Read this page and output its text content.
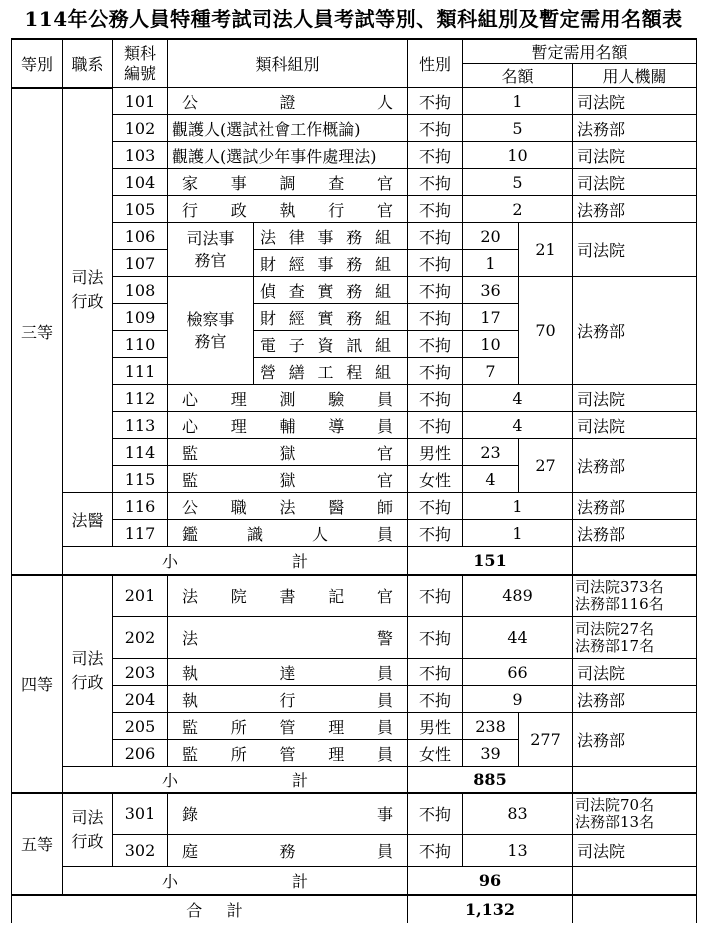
114年公務人員特種考試司法人員考試等別、類科組別及暫定需用名額表
等別	職系	類科編號	類科組別		性別	暫定需用名額		
						名額		用人機關
三等	司法行政	101	公證人		不拘	1		司法院
		102	觀護人(選試社會工作概論)		不拘	5		法務部
		103	觀護人(選試少年事件處理法)		不拘	10		司法院
		104	家事調查官		不拘	5		司法院
		105	行政執行官		不拘	2		法務部
		106	司法事務官	法律事務組	不拘	20	21	司法院
		107		財經事務組	不拘	1		
		108	檢察事務官	偵查實務組	不拘	36	70	法務部
		109		財經實務組	不拘	17		
		110		電子資訊組	不拘	10		
		111		營繕工程組	不拘	7		
		112	心理測驗員		不拘	4		司法院
		113	心理輔導員		不拘	4		司法院
		114	監獄官		男性	23	27	法務部
		115	監獄官		女性	4		
	法醫	116	公職法醫師		不拘	1		法務部
		117	鑑識人員		不拘	1		法務部

	小 計				151			
四等	司法行政	201	法院書記官		不拘	489		司法院373名
法務部116名

		202	法警		不拘	44		司法院27名
法務部17名

		203	執達員		不拘	66		司法院
		204	執行員		不拘	9		法務部
		205	監所管理員		男性	238	277	法務部
		206	監所管理員		女性	39		

	小 計				885			
五等	司法行政	301	錄事		不拘	83		司法院70名
法務部13名

		302	庭務員		不拘	13		司法院

	小 計				96			

合 計					1,132			
